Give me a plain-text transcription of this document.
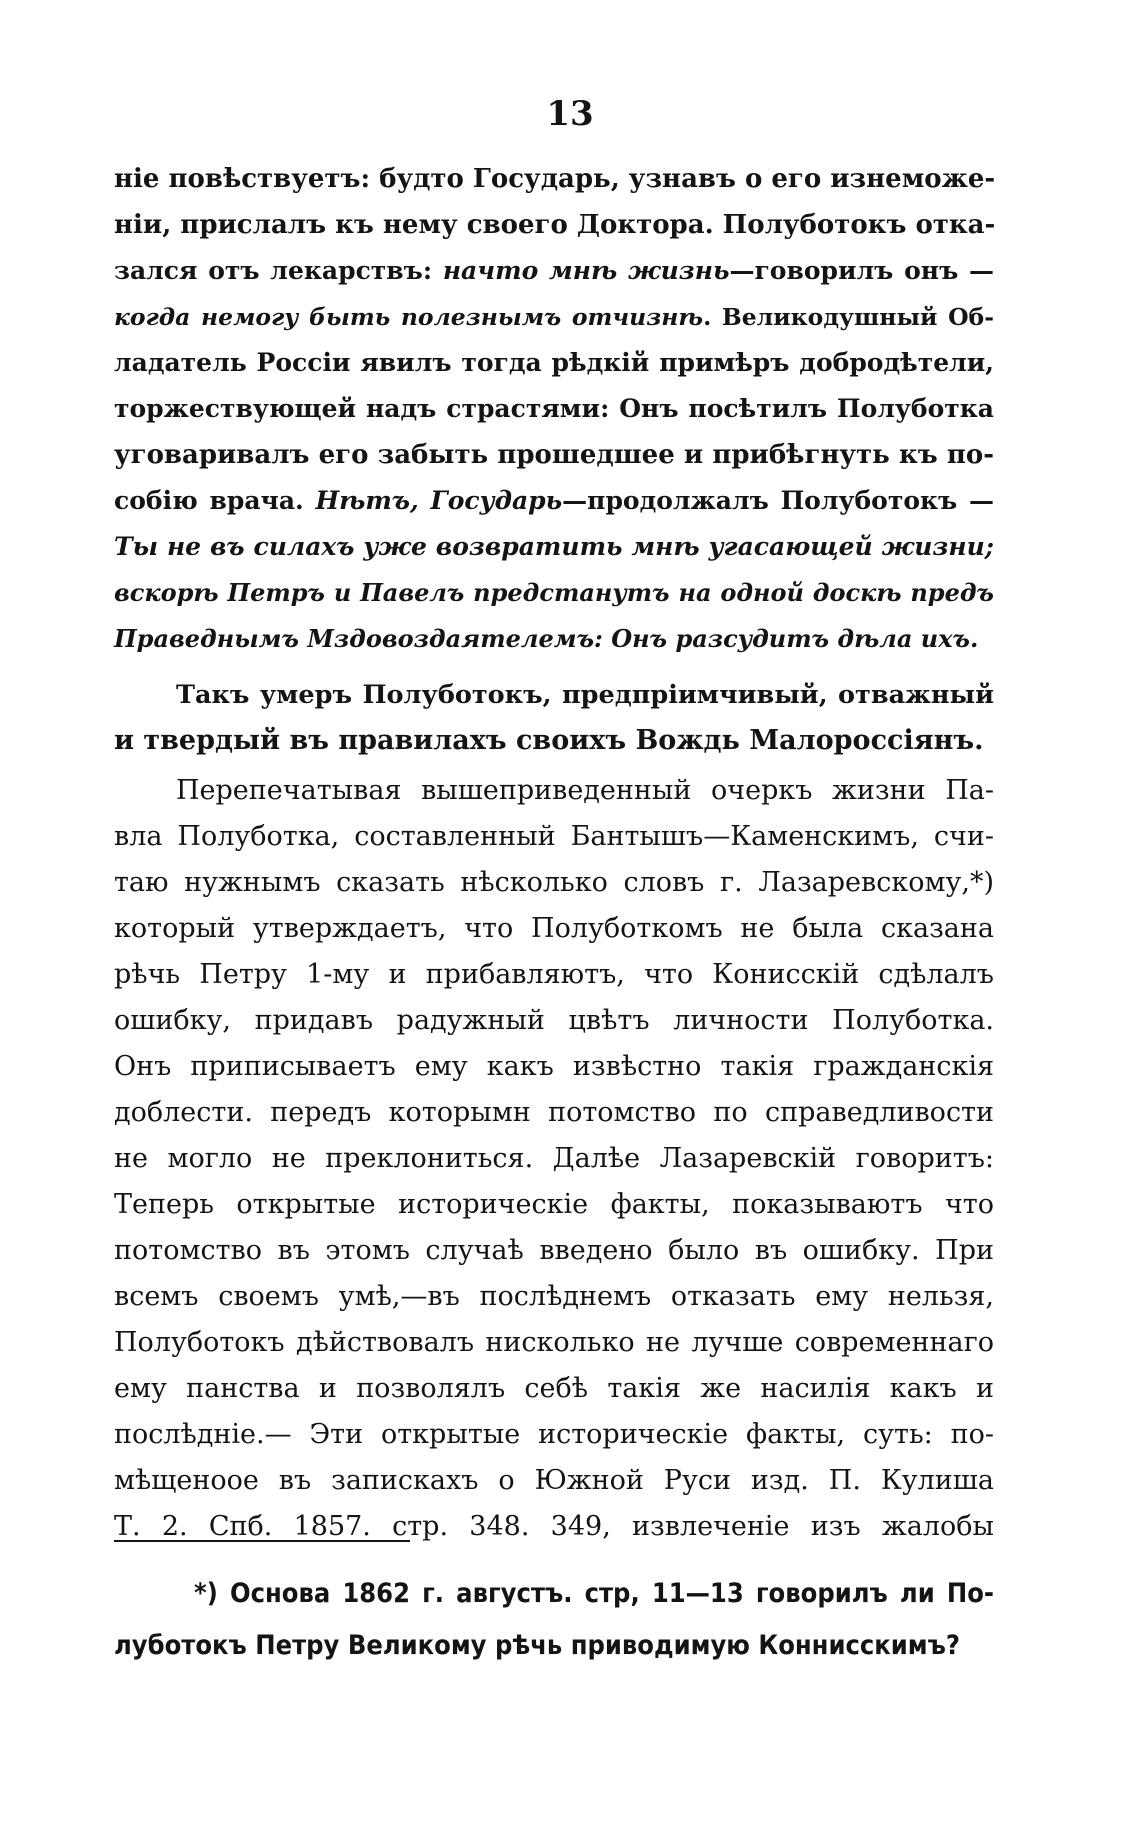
13
ніе повѣствуетъ: будто Государь, узнавъ о его изнеможе-
ніи, прислалъ къ нему своего Доктора. Полуботокъ отка-
зался отъ лекарствъ: начто мнѣ жизнь—говорилъ онъ —
когда немогу быть полезнымъ отчизнѣ. Великодушный Об-
ладатель Россіи явилъ тогда рѣдкій примѣръ добродѣтели,
торжествующей надъ страстями: Онъ посѣтилъ Полуботка
уговаривалъ его забыть прошедшее и прибѣгнуть къ по-
собію врача. Нѣтъ, Государь—продолжалъ Полуботокъ —
Ты не въ силахъ уже возвратить мнѣ угасающей жизни;
вскорѣ Петръ и Павелъ предстанутъ на одной доскѣ предъ
Праведнымъ Мздовоздаятелемъ: Онъ разсудитъ дѣла ихъ.
Такъ умеръ Полуботокъ, предпріимчивый, отважный
и твердый въ правилахъ своихъ Вождь Малороссіянъ.
Перепечатывая вышеприведенный очеркъ жизни Па-
вла Полуботка, составленный Бантышъ—Каменскимъ, счи-
таю нужнымъ сказать нѣсколько словъ г. Лазаревскому,*)
который утверждаетъ, что Полуботкомъ не была сказана
рѣчь Петру 1-му и прибавляютъ, что Конисскій сдѣлалъ
ошибку, придавъ радужный цвѣтъ личности Полуботка.
Онъ приписываетъ ему какъ извѣстно такія гражданскія
доблести. передъ которымн потомство по справедливости
не могло не преклониться. Далѣе Лазаревскій говоритъ:
Теперь открытые историческіе факты, показываютъ что
потомство въ этомъ случаѣ введено было въ ошибку. При
всемъ своемъ умѣ,—въ послѣднемъ отказать ему нельзя,
Полуботокъ дѣйствовалъ нисколько не лучше современнаго
ему панства и позволялъ себѣ такія же насилія какъ и
послѣдніе.— Эти открытые историческіе факты, суть: по-
мѣщеноое въ запискахъ о Южной Руси изд. П. Кулиша
Т. 2. Спб. 1857. стр. 348. 349, извлеченіе изъ жалобы
*) Основа 1862 г. августъ. стр, 11—13 говорилъ ли По-
луботокъ Петру Великому рѣчь приводимую Коннисскимъ?
